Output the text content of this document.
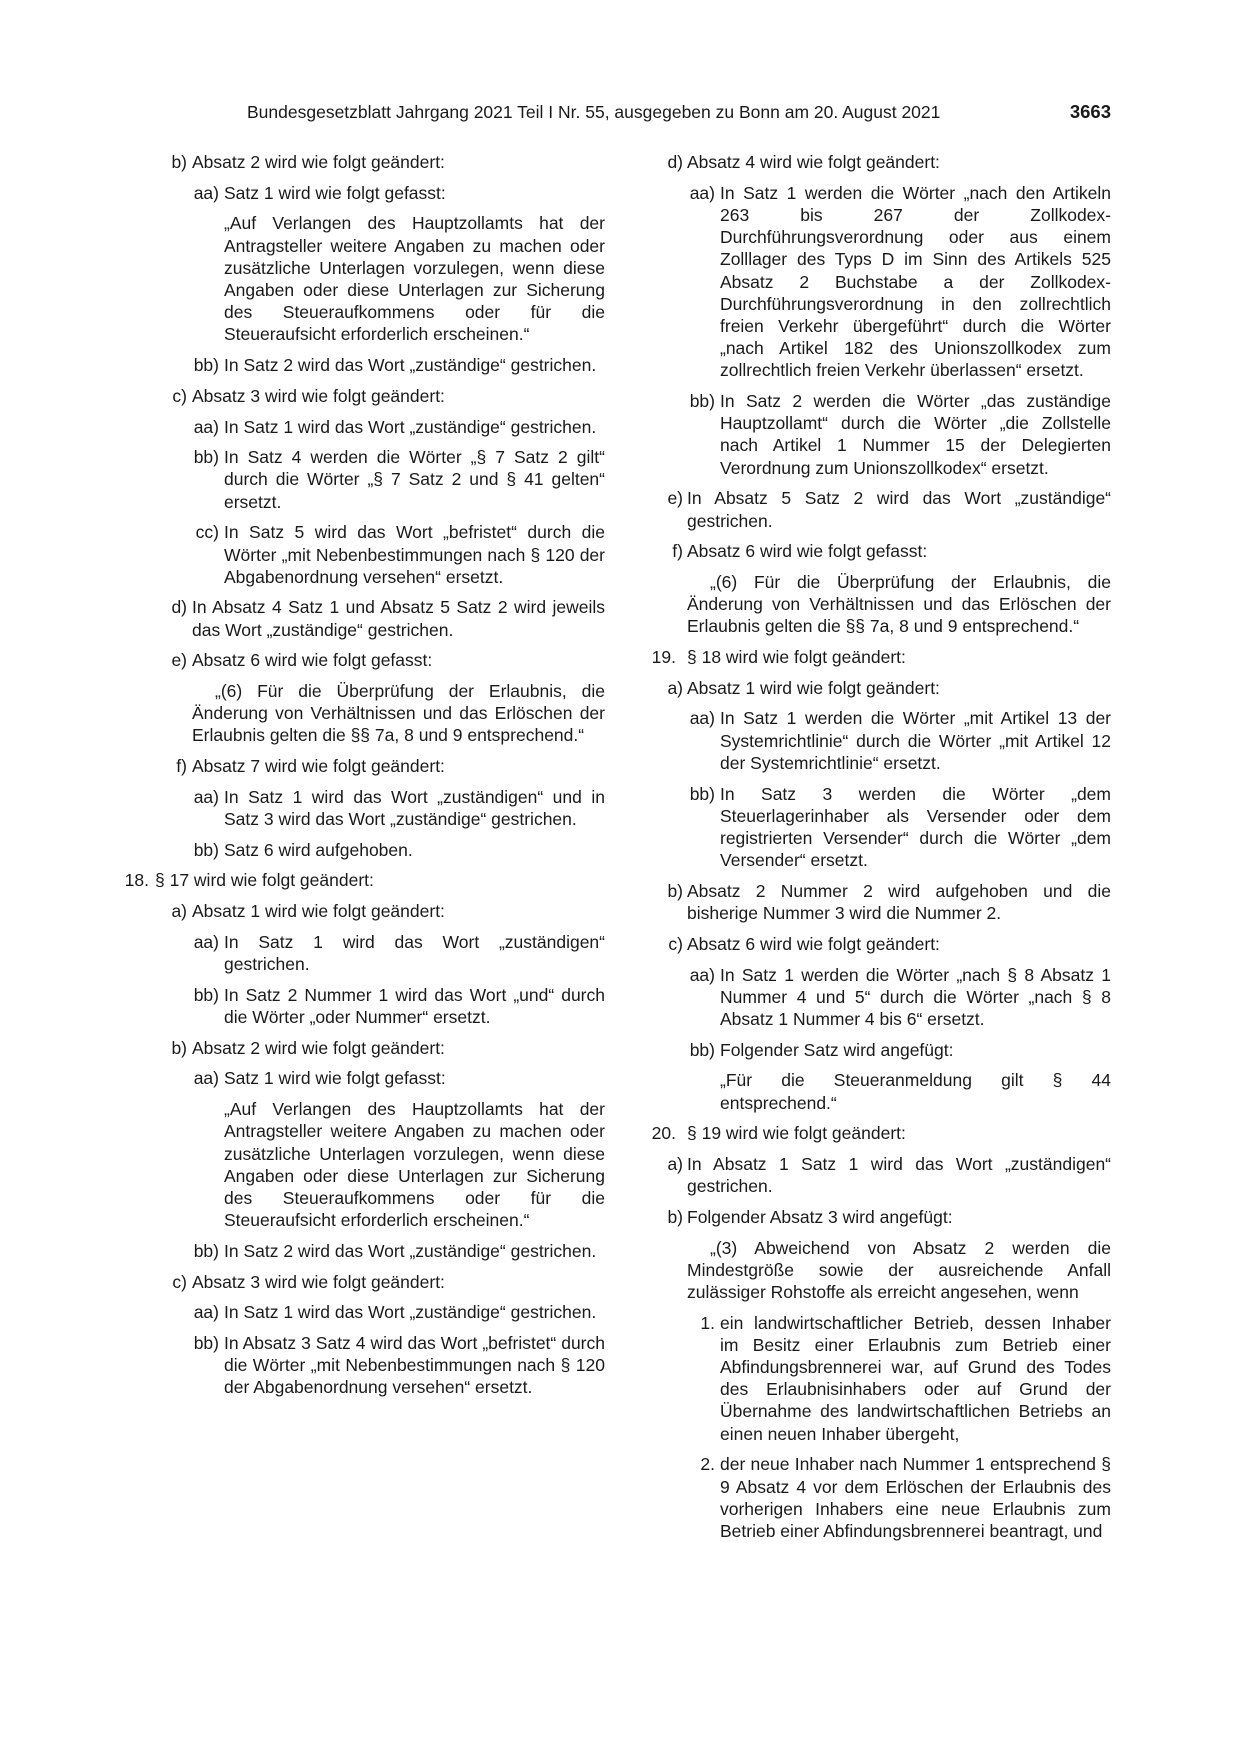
Bundesgesetzblatt Jahrgang 2021 Teil I Nr. 55, ausgegeben zu Bonn am 20. August 2021	3663
b) Absatz 2 wird wie folgt geändert:
aa) Satz 1 wird wie folgt gefasst:
„Auf Verlangen des Hauptzollamts hat der Antragsteller weitere Angaben zu machen oder zusätzliche Unterlagen vorzulegen, wenn diese Angaben oder diese Unterlagen zur Sicherung des Steueraufkommens oder für die Steueraufsicht erforderlich erscheinen.“
bb) In Satz 2 wird das Wort „zuständige“ gestrichen.
c) Absatz 3 wird wie folgt geändert:
aa) In Satz 1 wird das Wort „zuständige“ gestrichen.
bb) In Satz 4 werden die Wörter „§ 7 Satz 2 gilt“ durch die Wörter „§ 7 Satz 2 und § 41 gelten“ ersetzt.
cc) In Satz 5 wird das Wort „befristet“ durch die Wörter „mit Nebenbestimmungen nach § 120 der Abgabenordnung versehen“ ersetzt.
d) In Absatz 4 Satz 1 und Absatz 5 Satz 2 wird jeweils das Wort „zuständige“ gestrichen.
e) Absatz 6 wird wie folgt gefasst:
„(6) Für die Überprüfung der Erlaubnis, die Änderung von Verhältnissen und das Erlöschen der Erlaubnis gelten die §§ 7a, 8 und 9 entsprechend.“
f) Absatz 7 wird wie folgt geändert:
aa) In Satz 1 wird das Wort „zuständigen“ und in Satz 3 wird das Wort „zuständige“ gestrichen.
bb) Satz 6 wird aufgehoben.
18. § 17 wird wie folgt geändert:
a) Absatz 1 wird wie folgt geändert:
aa) In Satz 1 wird das Wort „zuständigen“ gestrichen.
bb) In Satz 2 Nummer 1 wird das Wort „und“ durch die Wörter „oder Nummer“ ersetzt.
b) Absatz 2 wird wie folgt geändert:
aa) Satz 1 wird wie folgt gefasst:
„Auf Verlangen des Hauptzollamts hat der Antragsteller weitere Angaben zu machen oder zusätzliche Unterlagen vorzulegen, wenn diese Angaben oder diese Unterlagen zur Sicherung des Steueraufkommens oder für die Steueraufsicht erforderlich erscheinen.“
bb) In Satz 2 wird das Wort „zuständige“ gestrichen.
c) Absatz 3 wird wie folgt geändert:
aa) In Satz 1 wird das Wort „zuständige“ gestrichen.
bb) In Absatz 3 Satz 4 wird das Wort „befristet“ durch die Wörter „mit Nebenbestimmungen nach § 120 der Abgabenordnung versehen“ ersetzt.
d) Absatz 4 wird wie folgt geändert:
aa) In Satz 1 werden die Wörter „nach den Artikeln 263 bis 267 der Zollkodex-Durchführungsverordnung oder aus einem Zolllager des Typs D im Sinn des Artikels 525 Absatz 2 Buchstabe a der Zollkodex-Durchführungsverordnung in den zollrechtlich freien Verkehr übergeführt“ durch die Wörter „nach Artikel 182 des Unionszollkodex zum zollrechtlich freien Verkehr überlassen“ ersetzt.
bb) In Satz 2 werden die Wörter „das zuständige Hauptzollamt“ durch die Wörter „die Zollstelle nach Artikel 1 Nummer 15 der Delegierten Verordnung zum Unionszollkodex“ ersetzt.
e) In Absatz 5 Satz 2 wird das Wort „zuständige“ gestrichen.
f) Absatz 6 wird wie folgt gefasst:
„(6) Für die Überprüfung der Erlaubnis, die Änderung von Verhältnissen und das Erlöschen der Erlaubnis gelten die §§ 7a, 8 und 9 entsprechend.“
19. § 18 wird wie folgt geändert:
a) Absatz 1 wird wie folgt geändert:
aa) In Satz 1 werden die Wörter „mit Artikel 13 der Systemrichtlinie“ durch die Wörter „mit Artikel 12 der Systemrichtlinie“ ersetzt.
bb) In Satz 3 werden die Wörter „dem Steuerlagerinhaber als Versender oder dem registrierten Versender“ durch die Wörter „dem Versender“ ersetzt.
b) Absatz 2 Nummer 2 wird aufgehoben und die bisherige Nummer 3 wird die Nummer 2.
c) Absatz 6 wird wie folgt geändert:
aa) In Satz 1 werden die Wörter „nach § 8 Absatz 1 Nummer 4 und 5“ durch die Wörter „nach § 8 Absatz 1 Nummer 4 bis 6“ ersetzt.
bb) Folgender Satz wird angefügt:
„Für die Steueranmeldung gilt § 44 entsprechend.“
20. § 19 wird wie folgt geändert:
a) In Absatz 1 Satz 1 wird das Wort „zuständigen“ gestrichen.
b) Folgender Absatz 3 wird angefügt:
„(3) Abweichend von Absatz 2 werden die Mindestgröße sowie der ausreichende Anfall zulässiger Rohstoffe als erreicht angesehen, wenn
1. ein landwirtschaftlicher Betrieb, dessen Inhaber im Besitz einer Erlaubnis zum Betrieb einer Abfindungsbrennerei war, auf Grund des Todes des Erlaubnisinhabers oder auf Grund der Übernahme des landwirtschaftlichen Betriebs an einen neuen Inhaber übergeht,
2. der neue Inhaber nach Nummer 1 entsprechend § 9 Absatz 4 vor dem Erlöschen der Erlaubnis des vorherigen Inhabers eine neue Erlaubnis zum Betrieb einer Abfindungsbrennerei beantragt, und
